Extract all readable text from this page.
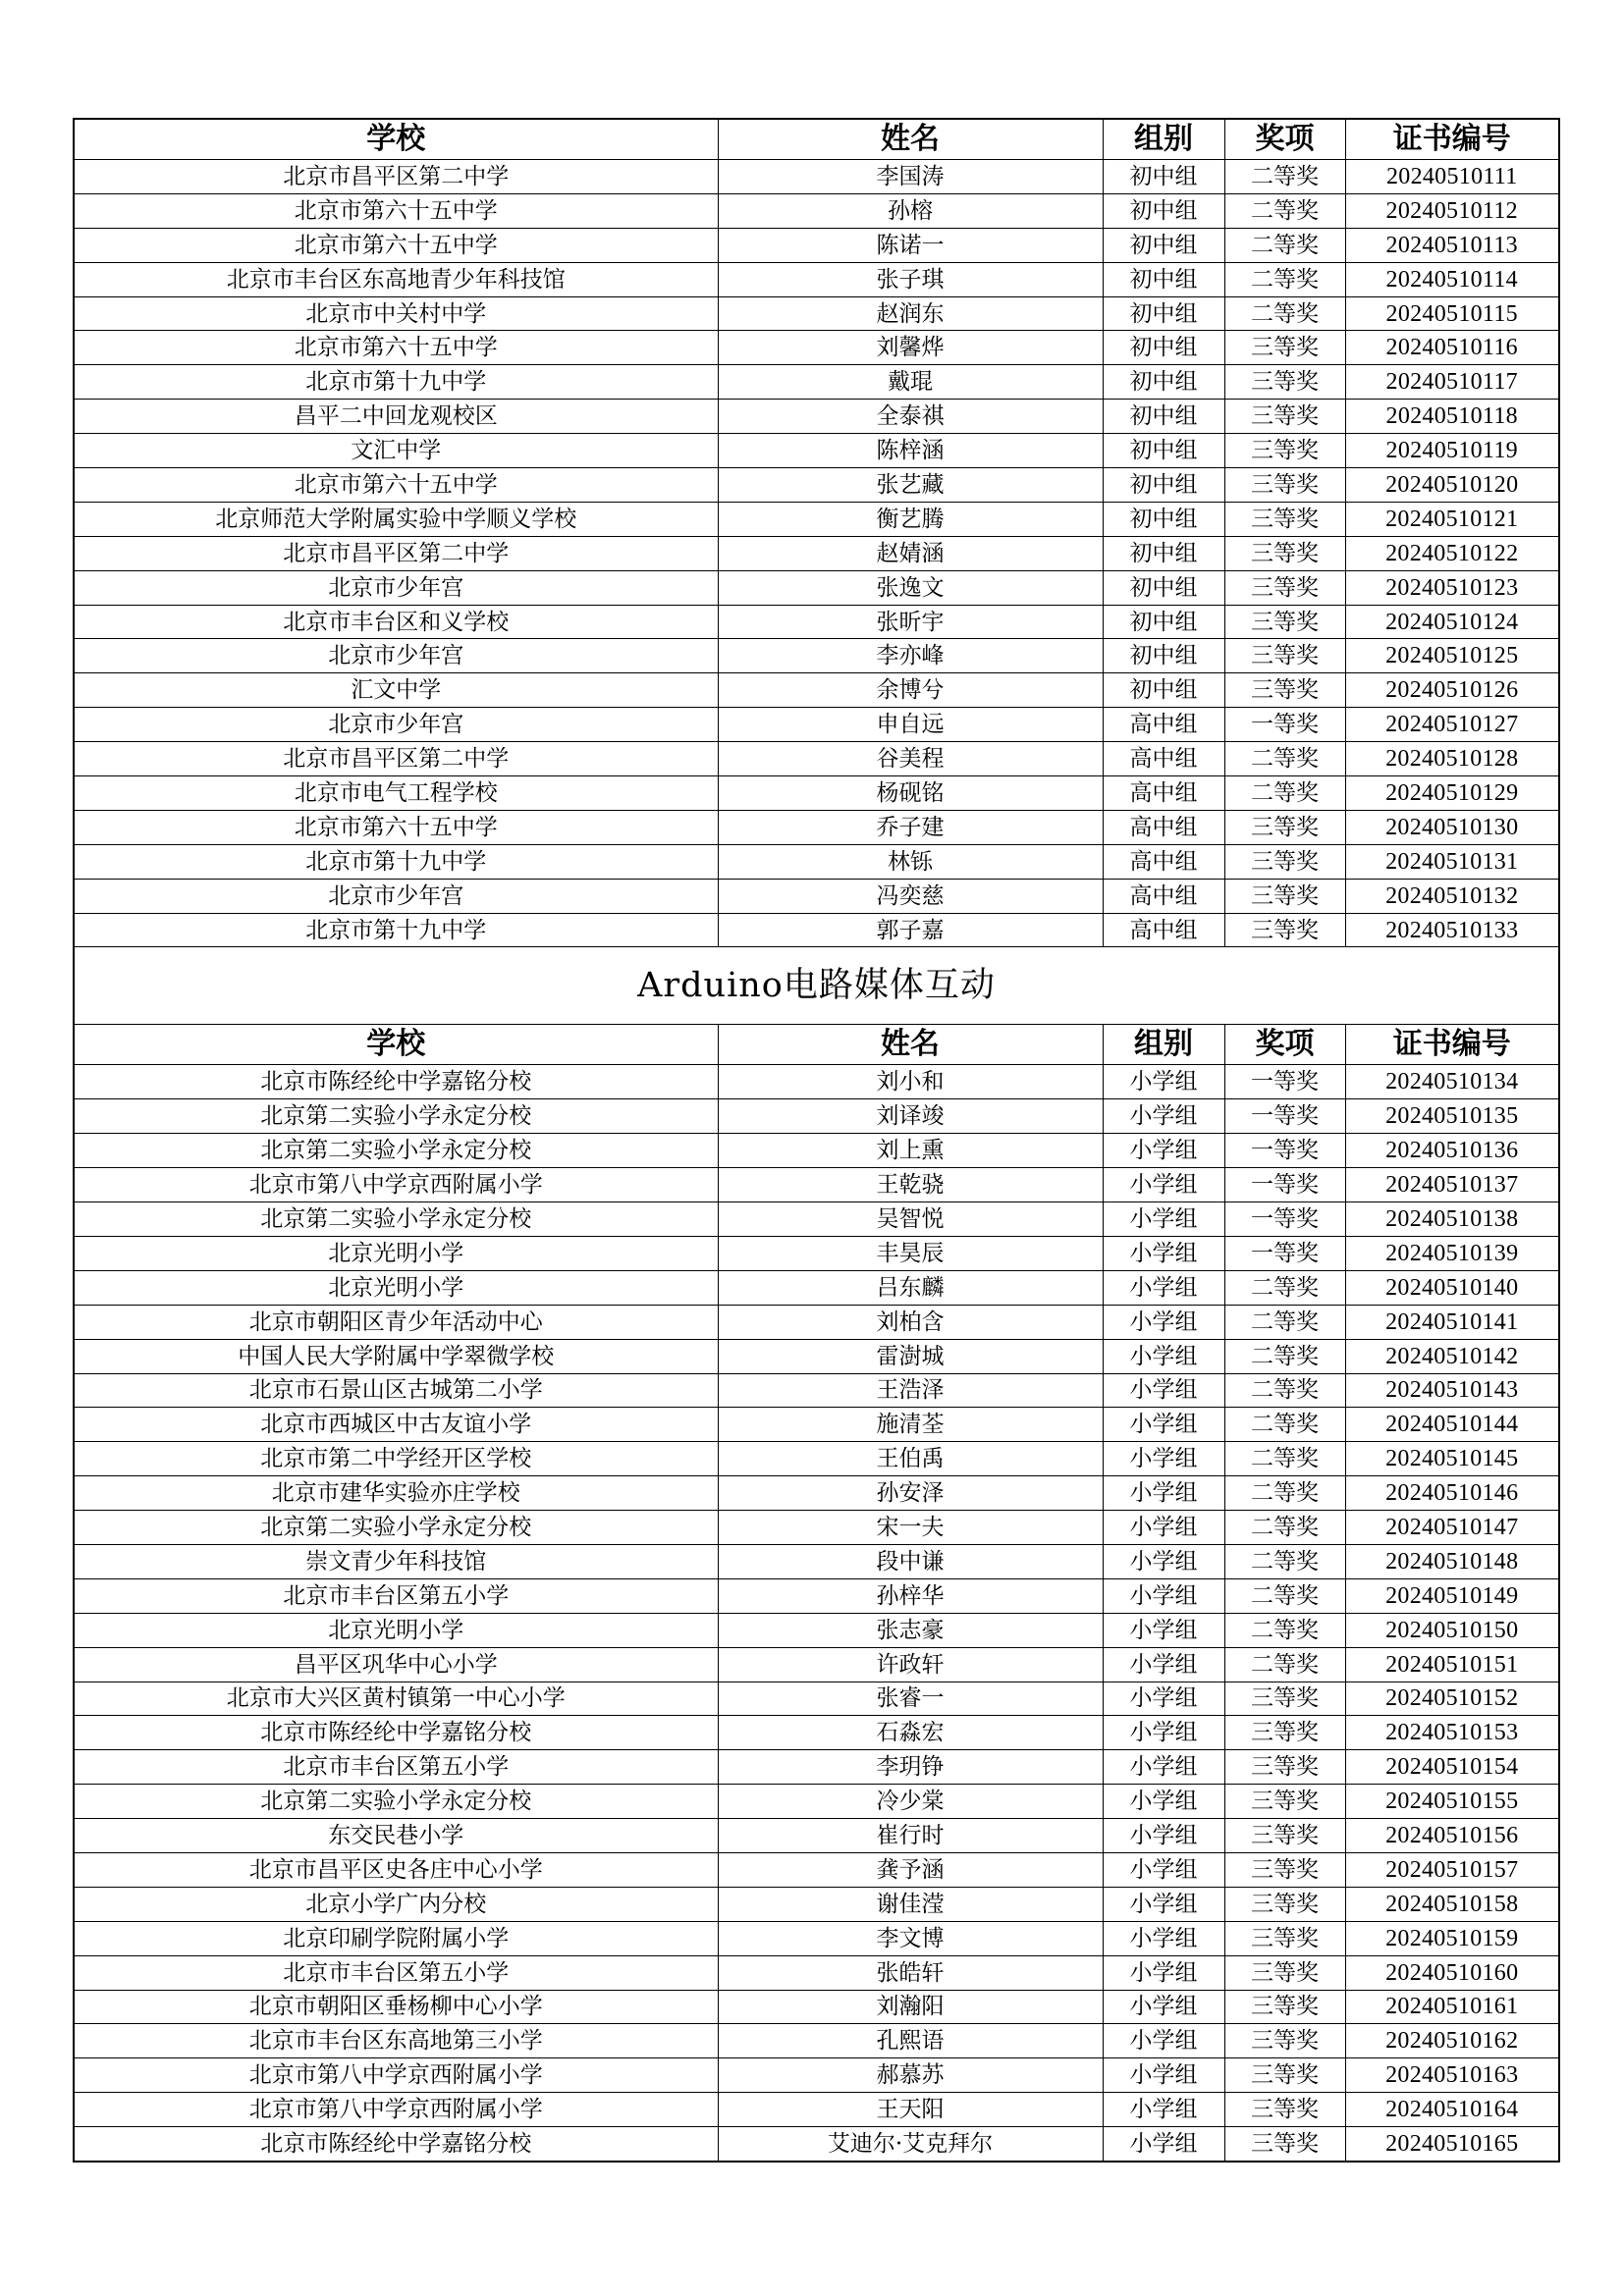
学校	姓名	组别	奖项	证书编号
北京市昌平区第二中学	李国涛	初中组	二等奖	20240510111
北京市第六十五中学	孙榕	初中组	二等奖	20240510112
北京市第六十五中学	陈诺一	初中组	二等奖	20240510113
北京市丰台区东高地青少年科技馆	张子琪	初中组	二等奖	20240510114
北京市中关村中学	赵润东	初中组	二等奖	20240510115
北京市第六十五中学	刘馨烨	初中组	三等奖	20240510116
北京市第十九中学	戴琨	初中组	三等奖	20240510117
昌平二中回龙观校区	全泰祺	初中组	三等奖	20240510118
文汇中学	陈梓涵	初中组	三等奖	20240510119
北京市第六十五中学	张艺藏	初中组	三等奖	20240510120
北京师范大学附属实验中学顺义学校	衡艺腾	初中组	三等奖	20240510121
北京市昌平区第二中学	赵婧涵	初中组	三等奖	20240510122
北京市少年宫	张逸文	初中组	三等奖	20240510123
北京市丰台区和义学校	张昕宇	初中组	三等奖	20240510124
北京市少年宫	李亦峰	初中组	三等奖	20240510125
汇文中学	余博兮	初中组	三等奖	20240510126
北京市少年宫	申自远	高中组	一等奖	20240510127
北京市昌平区第二中学	谷美程	高中组	二等奖	20240510128
北京市电气工程学校	杨砚铭	高中组	二等奖	20240510129
北京市第六十五中学	乔子建	高中组	三等奖	20240510130
北京市第十九中学	林铄	高中组	三等奖	20240510131
北京市少年宫	冯奕慈	高中组	三等奖	20240510132
北京市第十九中学	郭子嘉	高中组	三等奖	20240510133
Arduino电路媒体互动				
学校	姓名	组别	奖项	证书编号
北京市陈经纶中学嘉铭分校	刘小和	小学组	一等奖	20240510134
北京第二实验小学永定分校	刘译竣	小学组	一等奖	20240510135
北京第二实验小学永定分校	刘上熏	小学组	一等奖	20240510136
北京市第八中学京西附属小学	王乾骁	小学组	一等奖	20240510137
北京第二实验小学永定分校	吴智悦	小学组	一等奖	20240510138
北京光明小学	丰昊辰	小学组	一等奖	20240510139
北京光明小学	吕东麟	小学组	二等奖	20240510140
北京市朝阳区青少年活动中心	刘柏含	小学组	二等奖	20240510141
中国人民大学附属中学翠微学校	雷澍城	小学组	二等奖	20240510142
北京市石景山区古城第二小学	王浩泽	小学组	二等奖	20240510143
北京市西城区中古友谊小学	施清荃	小学组	二等奖	20240510144
北京市第二中学经开区学校	王伯禹	小学组	二等奖	20240510145
北京市建华实验亦庄学校	孙安泽	小学组	二等奖	20240510146
北京第二实验小学永定分校	宋一夫	小学组	二等奖	20240510147
崇文青少年科技馆	段中谦	小学组	二等奖	20240510148
北京市丰台区第五小学	孙梓华	小学组	二等奖	20240510149
北京光明小学	张志豪	小学组	二等奖	20240510150
昌平区巩华中心小学	许政轩	小学组	二等奖	20240510151
北京市大兴区黄村镇第一中心小学	张睿一	小学组	三等奖	20240510152
北京市陈经纶中学嘉铭分校	石淼宏	小学组	三等奖	20240510153
北京市丰台区第五小学	李玥铮	小学组	三等奖	20240510154
北京第二实验小学永定分校	冷少棠	小学组	三等奖	20240510155
东交民巷小学	崔行时	小学组	三等奖	20240510156
北京市昌平区史各庄中心小学	龚予涵	小学组	三等奖	20240510157
北京小学广内分校	谢佳滢	小学组	三等奖	20240510158
北京印刷学院附属小学	李文博	小学组	三等奖	20240510159
北京市丰台区第五小学	张皓轩	小学组	三等奖	20240510160
北京市朝阳区垂杨柳中心小学	刘瀚阳	小学组	三等奖	20240510161
北京市丰台区东高地第三小学	孔熙语	小学组	三等奖	20240510162
北京市第八中学京西附属小学	郝慕苏	小学组	三等奖	20240510163
北京市第八中学京西附属小学	王天阳	小学组	三等奖	20240510164
北京市陈经纶中学嘉铭分校	艾迪尔·艾克拜尔	小学组	三等奖	20240510165
